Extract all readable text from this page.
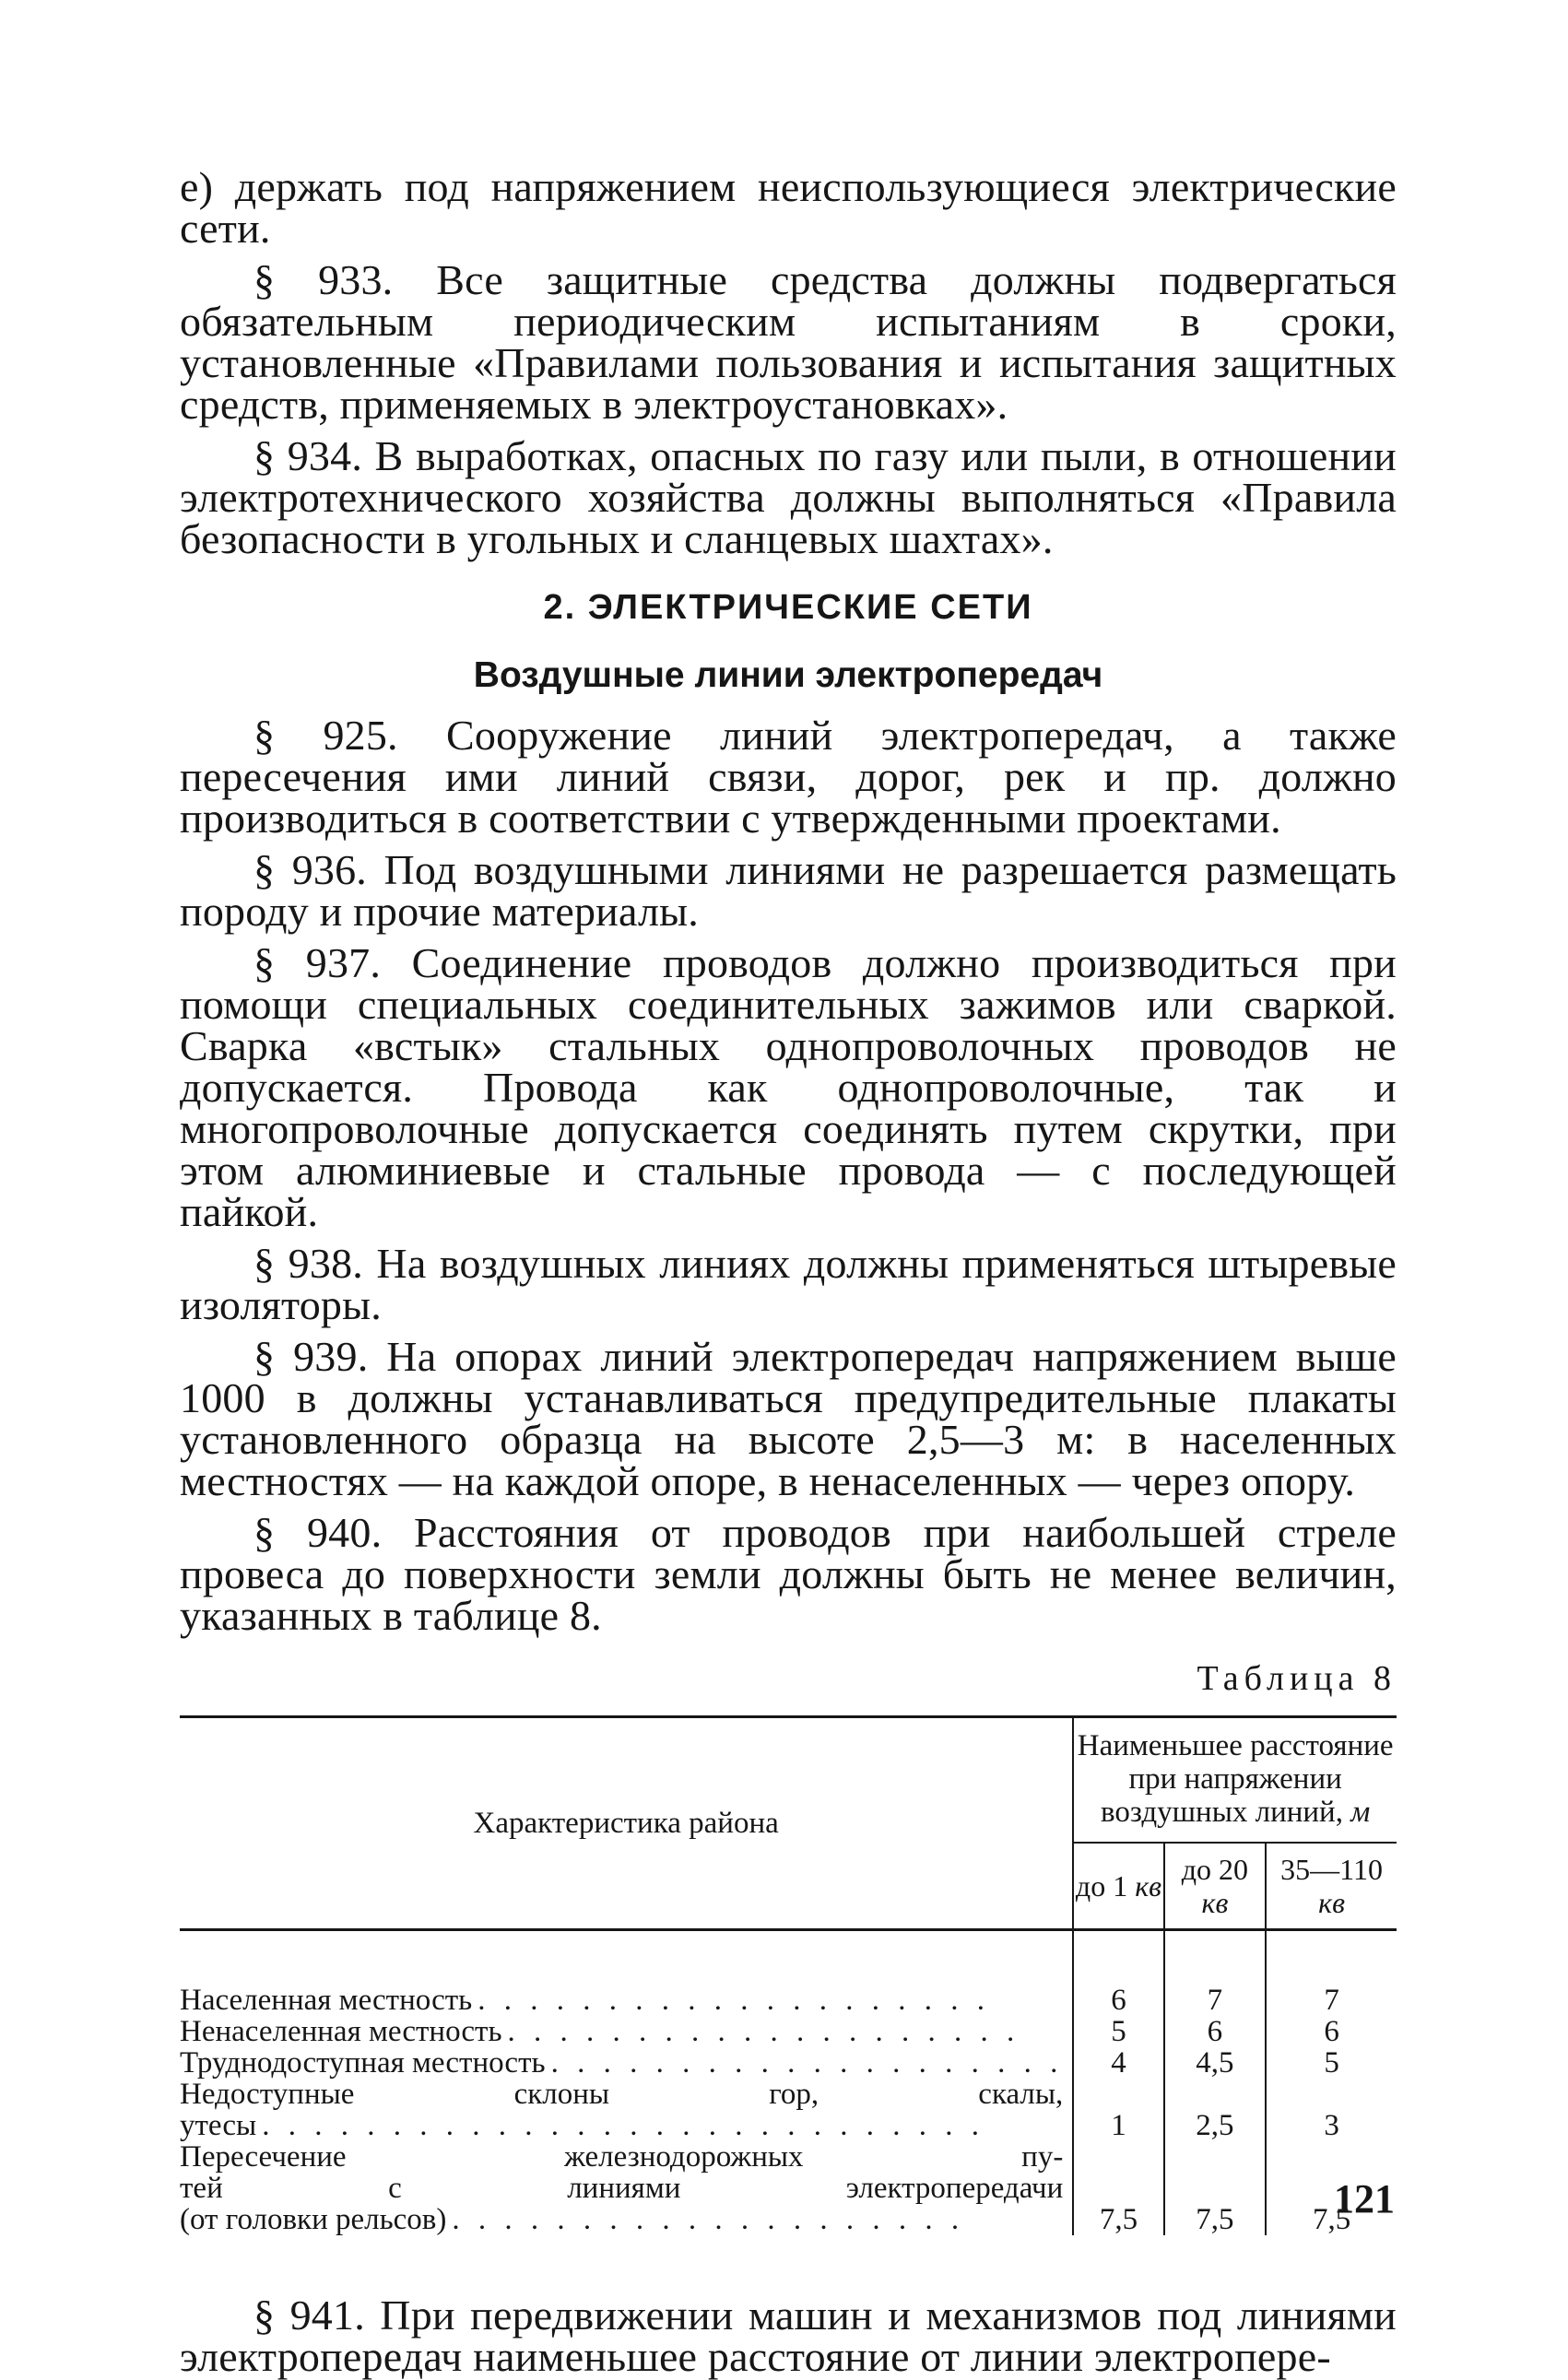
е) держать под напряжением неиспользующиеся электрические сети.

§ 933. Все защитные средства должны подвергаться обязательным периодическим испытаниям в сроки, установленные «Правилами пользования и испытания защитных средств, применяемых в электроустановках».

§ 934. В выработках, опасных по газу или пыли, в отношении электротехнического хозяйства должны выполняться «Правила безопасности в угольных и сланцевых шахтах».

2. ЭЛЕКТРИЧЕСКИЕ СЕТИ
Воздушные линии электропередач

§ 925. Сооружение линий электропередач, а также пересечения ими линий связи, дорог, рек и пр. должно производиться в соответствии с утвержденными проектами.

§ 936. Под воздушными линиями не разрешается размещать породу и прочие материалы.

§ 937. Соединение проводов должно производиться при помощи специальных соединительных зажимов или сваркой. Сварка «встык» стальных однопроволочных проводов не допускается. Провода как однопроволочные, так и многопроволочные допускается соединять путем скрутки, при этом алюминиевые и стальные провода — с последующей пайкой.

§ 938. На воздушных линиях должны применяться штыревые изоляторы.

§ 939. На опорах линий электропередач напряжением выше 1000 в должны устанавливаться предупредительные плакаты установленного образца на высоте 2,5—3 м: в населенных местностях — на каждой опоре, в ненаселенных — через опору.

§ 940. Расстояния от проводов при наибольшей стреле провеса до поверхности земли должны быть не менее величин, указанных в таблице 8.

Таблица 8
Характеристика района	Наименьшее расстояние при напряжении воздушных линий, м		
	до 1 кв	до 20 кв	35—110 кв

Населенная местность . . . . . . . . . . . . . . . . . . . .	6	7	7

Ненаселенная местность . . . . . . . . . . . . . . . . . . . .	5	6	6

Труднодоступная местность . . . . . . . . . . . . . . . . . . . .	4	4,5	5

Недоступные склоны гор, скалы,
утесы . . . . . . . . . . . . . . . . . . . . . . . . . . . .	1	2,5	3

Пересечение железнодорожных пу-
тей с линиями электропередачи
(от головки рельсов) . . . . . . . . . . . . . . . . . . . .	7,5	7,5	7,5

§ 941. При передвижении машин и механизмов под линиями электропередач наименьшее расстояние от линии электропере-

121
